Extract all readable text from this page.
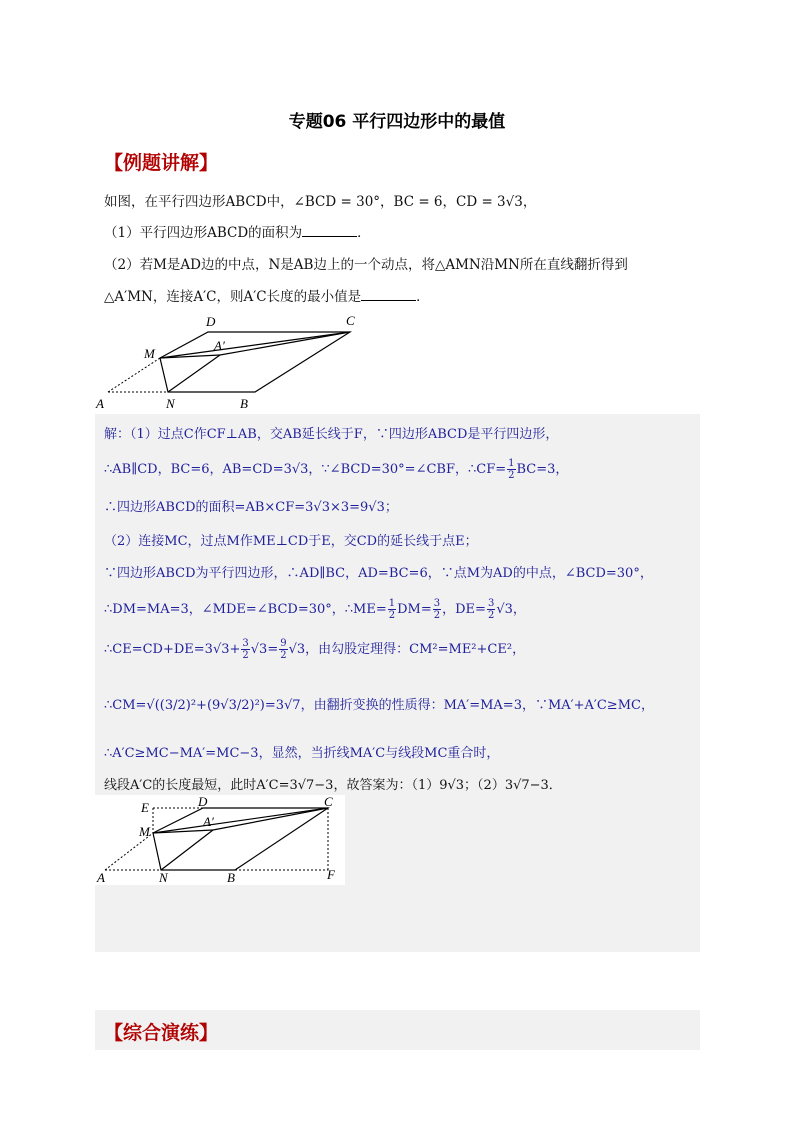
专题06 平行四边形中的最值
【例题讲解】
如图，在平行四边形ABCD中，∠BCD = 30°，BC = 6，CD = 3√3，
（1）平行四边形ABCD的面积为	．
（2）若M是AD边的中点，N是AB边上的一个动点，将△AMN沿MN所在直线翻折得到
△A′MN，连接A′C，则A′C长度的最小值是	．
A	N	B
C
D
M
A′
解：（1）过点C作CF⊥AB，交AB延长线于F，∵四边形ABCD是平行四边形，
∴AB∥CD，BC=6，AB=CD=3√3，∵∠BCD=30°=∠CBF，∴CF= $\frac{1}{2} BC=3$，
∴四边形ABCD的面积=AB×CF=3√3×3=9√3；
（2）连接MC，过点M作ME⊥CD于E，交CD的延长线于点E；
∵四边形ABCD为平行四边形，∴AD∥BC，AD=BC=6，∵点M为AD的中点，∠BCD=30°，
∴DM=MA=3，∠MDE=∠BCD=30°，∴ME= $\frac{1}{2} DM= \frac{3}{2}$ ，$DE= \frac{3}{2} √3$，
∴CE=CD+DE=3√3+ $\frac{3}{2} √3= \frac{9}{2} √3$，由勾股定理得：CM²=ME²+CE²，
∴CM=√((3/2)²+(9√3/2)²)=3√7，由翻折变换的性质得：MA′=MA=3，∵MA′+A′C≥MC，
∴A′C≥MC−MA′=MC−3，显然，当折线MA′C与线段MC重合时，
线段A′C的长度最短，此时A′C=3√7−3，故答案为：（1）9√3；（2）3√7−3．
A	N	B	F
C
D
E
M
A′
【综合演练】
